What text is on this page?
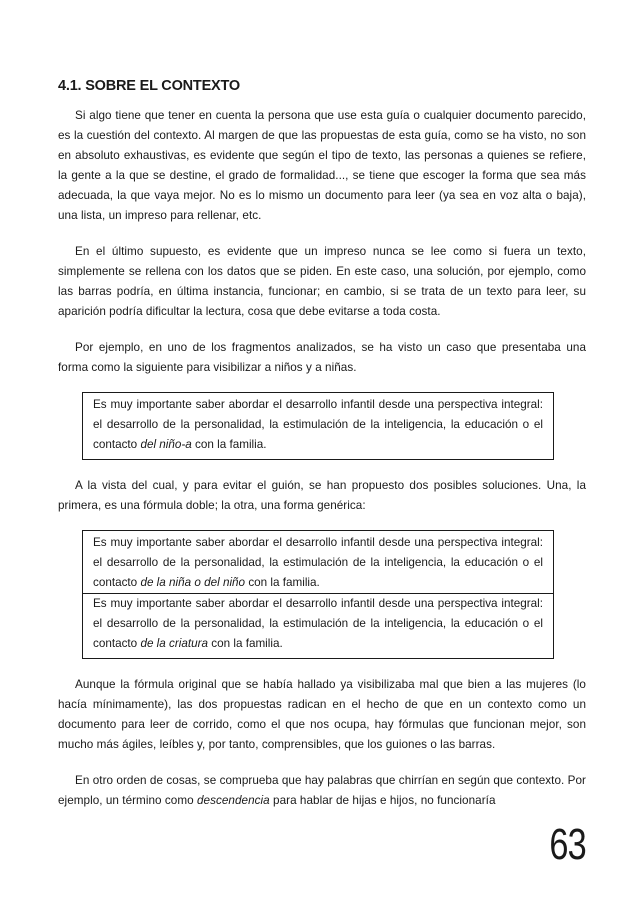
4.1. SOBRE EL CONTEXTO

Si algo tiene que tener en cuenta la persona que use esta guía o cualquier documento parecido, es la cuestión del contexto. Al margen de que las propuestas de esta guía, como se ha visto, no son en absoluto exhaustivas, es evidente que según el tipo de texto, las personas a quienes se refiere, la gente a la que se destine, el grado de formalidad..., se tiene que escoger la forma que sea más adecuada, la que vaya mejor. No es lo mismo un documento para leer (ya sea en voz alta o baja), una lista, un impreso para rellenar, etc.

En el último supuesto, es evidente que un impreso nunca se lee como si fuera un texto, simplemente se rellena con los datos que se piden. En este caso, una solución, por ejemplo, como las barras podría, en última instancia, funcionar; en cambio, si se trata de un texto para leer, su aparición podría dificultar la lectura, cosa que debe evitarse a toda costa.

Por ejemplo, en uno de los fragmentos analizados, se ha visto un caso que presentaba una forma como la siguiente para visibilizar a niños y a niñas.

Es muy importante saber abordar el desarrollo infantil desde una perspectiva integral: el desarrollo de la personalidad, la estimulación de la inteligencia, la educación o el contacto del niño-a con la familia.

A la vista del cual, y para evitar el guión, se han propuesto dos posibles soluciones. Una, la primera, es una fórmula doble; la otra, una forma genérica:

Es muy importante saber abordar el desarrollo infantil desde una perspectiva integral: el desarrollo de la personalidad, la estimulación de la inteligencia, la educación o el contacto de la niña o del niño con la familia.
Es muy importante saber abordar el desarrollo infantil desde una perspectiva integral: el desarrollo de la personalidad, la estimulación de la inteligencia, la educación o el contacto de la criatura con la familia.

Aunque la fórmula original que se había hallado ya visibilizaba mal que bien a las mujeres (lo hacía mínimamente), las dos propuestas radican en el hecho de que en un contexto como un documento para leer de corrido, como el que nos ocupa, hay fórmulas que funcionan mejor, son mucho más ágiles, leíbles y, por tanto, comprensibles, que los guiones o las barras.

En otro orden de cosas, se comprueba que hay palabras que chirrían en según que contexto. Por ejemplo, un término como descendencia para hablar de hijas e hijos, no funcionaría

63
